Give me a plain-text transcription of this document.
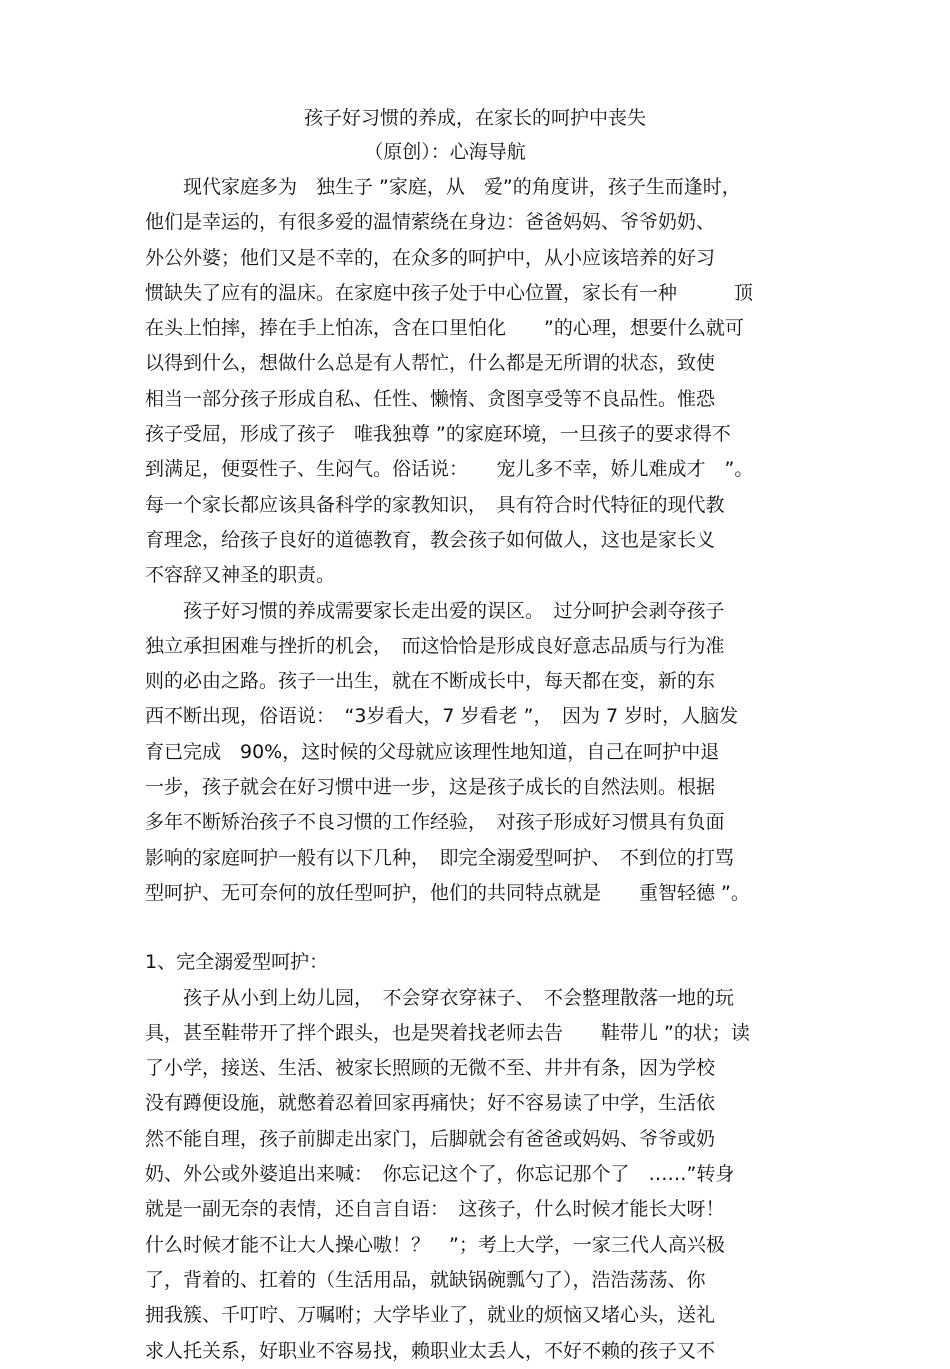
孩子好习惯的养成，在家长的呵护中丧失

（原创）：心海导航

　　现代家庭多为　独生子 ”家庭，从　爱”的角度讲，孩子生而逢时，
他们是幸运的，有很多爱的温情萦绕在身边：爸爸妈妈、爷爷奶奶、
外公外婆；他们又是不幸的，在众多的呵护中，从小应该培养的好习
惯缺失了应有的温床。在家庭中孩子处于中心位置，家长有一种　　　顶
在头上怕摔，捧在手上怕冻，含在口里怕化　　”的心理，想要什么就可
以得到什么，想做什么总是有人帮忙，什么都是无所谓的状态，致使
相当一部分孩子形成自私、任性、懒惰、贪图享受等不良品性。惟恐
孩子受屈，形成了孩子　唯我独尊 ”的家庭环境，一旦孩子的要求得不
到满足，便耍性子、生闷气。俗话说：　　宠儿多不幸，娇儿难成才　”。
每一个家长都应该具备科学的家教知识，　具有符合时代特征的现代教
育理念，给孩子良好的道德教育，教会孩子如何做人，这也是家长义
不容辞又神圣的职责。
　　孩子好习惯的养成需要家长走出爱的误区。　过分呵护会剥夺孩子
独立承担困难与挫折的机会，　而这恰恰是形成良好意志品质与行为准
则的必由之路。孩子一出生，就在不断成长中，每天都在变，新的东
西不断出现，俗语说：　“3岁看大，7 岁看老 ”，　因为 7 岁时，人脑发
育已完成　90%，这时候的父母就应该理性地知道，自己在呵护中退
一步，孩子就会在好习惯中进一步，这是孩子成长的自然法则。根据
多年不断矫治孩子不良习惯的工作经验，　对孩子形成好习惯具有负面
影响的家庭呵护一般有以下几种，　即完全溺爱型呵护、　不到位的打骂
型呵护、无可奈何的放任型呵护，他们的共同特点就是　　重智轻德 ”。
1、完全溺爱型呵护：
　　孩子从小到上幼儿园，　不会穿衣穿袜子、　不会整理散落一地的玩
具，甚至鞋带开了拌个跟头，也是哭着找老师去告　　鞋带儿 ”的状；读
了小学，接送、生活、被家长照顾的无微不至、井井有条，因为学校
没有蹲便设施，就憋着忍着回家再痛快；好不容易读了中学，生活依
然不能自理，孩子前脚走出家门，后脚就会有爸爸或妈妈、爷爷或奶
奶、外公或外婆追出来喊：　你忘记这个了，你忘记那个了　……”转身
就是一副无奈的表情，还自言自语：　这孩子，什么时候才能长大呀！
什么时候才能不让大人操心嗷！？　”；考上大学，一家三代人高兴极
了，背着的、扛着的（生活用品，就缺锅碗瓢勺了），浩浩荡荡、你
拥我簇、千叮咛、万嘱咐；大学毕业了，就业的烦恼又堵心头，送礼
求人托关系，好职业不容易找，赖职业太丢人，不好不赖的孩子又不
